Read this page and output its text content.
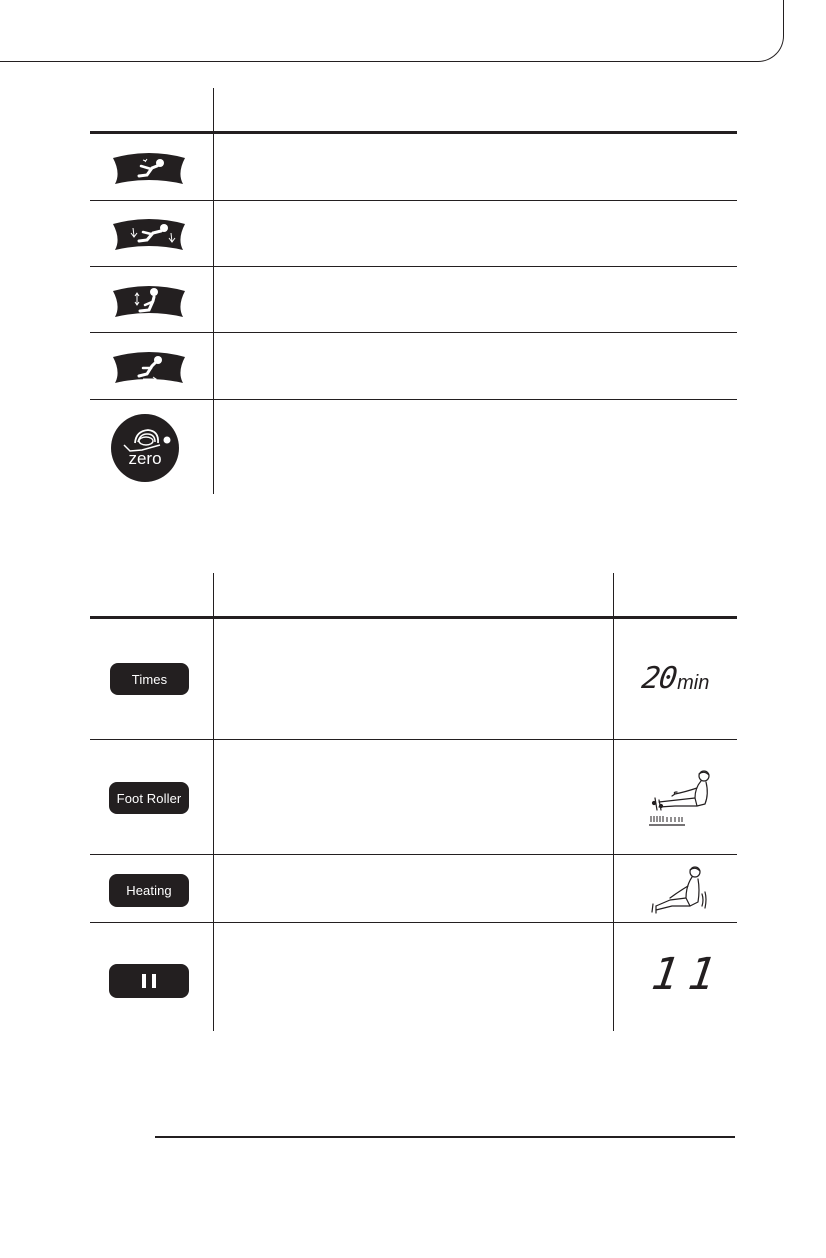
zero
Times	20
min
Foot Roller
Heating
11
